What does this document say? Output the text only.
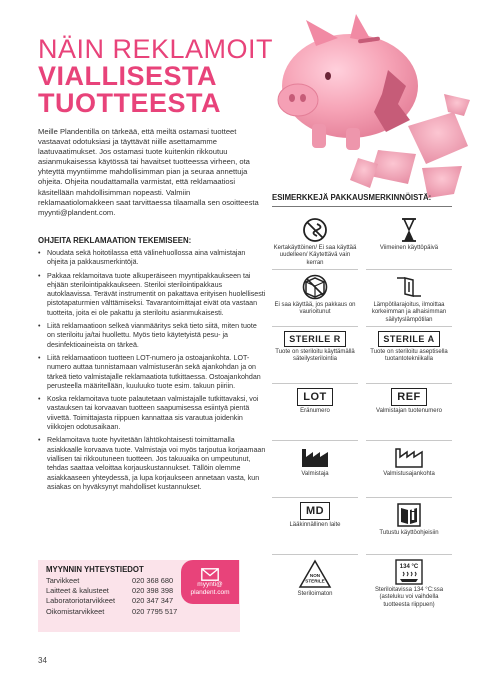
NÄIN REKLAMOIT
VIALLISESTA
TUOTTEESTA

Meille Plandentilla on tärkeää, että meiltä ostamasi tuotteet vastaavat odotuksiasi ja täyttävät niille asettamamme laatuvaatimukset. Jos ostamasi tuote kuitenkin rikkoutuu asianmukaisessa käytössä tai havaitset tuotteessa virheen, ota yhteyttä myyntiimme mahdollisimman pian ja seuraa annettuja ohjeita. Ohjeita noudattamalla varmistat, että reklamaatiosi käsitellään mahdollisimman nopeasti. Valmiin reklamaatiolomakkeen saat tarvittaessa tilaamalla sen osoitteesta myynti@plandent.com.

OHJEITA REKLAMAATION TEKEMISEEN:
• Noudata sekä hoitotilassa että välinehuollossa aina valmistajan ohjeita ja pakkausmerkintöjä.
• Pakkaa reklamoitava tuote alkuperäiseen myyntipakkaukseen tai ehjään sterilointipakkaukseen. Steriloi sterilointipakkaus autoklaavissa. Terävät instrumentit on pakattava erityisen huolellisesti pistotapaturmien välttämiseksi. Tavarantoimittajat eivät ota vastaan tuotteita, joita ei ole pakattu ja steriloitu asianmukaisesti.
• Liitä reklamaatioon selkeä vianmääritys sekä tieto siitä, miten tuote on steriloitu ja/tai huollettu. Myös tieto käytetyistä pesu- ja desinfektioaineista on tärkeä.
• Liitä reklamaatioon tuotteen LOT-numero ja ostoajankohta. LOT-numero auttaa tunnistamaan valmistuserän sekä ajankohdan ja on tärkeä tieto valmistajalle reklamaatiota tutkittaessa. Ostoajankohdan perusteella määritellään, kuuluuko tuote esim. takuun piiriin.
• Koska reklamoitava tuote palautetaan valmistajalle tutkittavaksi, voi vastauksen tai korvaavan tuotteen saapumisessa esiintyä pientä viivettä. Toimittajasta riippuen kannattaa sis varautua joidenkin viikkojen odotusaikaan.
• Reklamoitava tuote hyvitetään lähtökohtaisesti toimittamalla asiakkaalle korvaava tuote. Valmistaja voi myös tarjoutua korjaamaan viallisen tai rikkoutuneen tuotteen. Jos takuuaika on umpeutunut, tehdas saattaa veloittaa korjauskustannukset. Tällöin olemme asiakkaaseen yhteydessä, ja lupa korjaukseen annetaan vasta, kun asiakas on hyväksynyt mahdolliset kustannukset.
MYYNNIN YHTEYSTIEDOT
Tarvikkeet	020 368 680
Laitteet & kalusteet	020 398 398
Laboratoriotarvikkeet	020 347 347
Oikomistarvikkeet	020 7795 517
myynti@
plandent.com
34
ESIMERKKEJÄ PAKKAUSMERKINNÖISTÄ:
Kertakäyttöinen/ Ei saa käyttää uudelleen/ Käytettävä vain kerran
Viimeinen käyttöpäivä
Ei saa käyttää, jos pakkaus on vaurioitunut
Lämpötilarajoitus, ilmoittaa korkeimman ja alhaisimman säilytyslämpötilan
STERILE R
Tuote on steriloitu käyttämällä säteilysterilointia
STERILE A
Tuote on steriloitu aseptisella tuotantotekniikalla
LOT
Eränumero
REF
Valmistajan tuotenumero
Valmistaja	Valmistusajankohta
MD
Lääkinnällinen laite
Tutustu käyttöohjeisiin
NON
STERILE
Steriloimaton
134 °C
Steriloitavissa 134 °C:ssa (asteluku voi vaihdella tuotteesta riippuen)
